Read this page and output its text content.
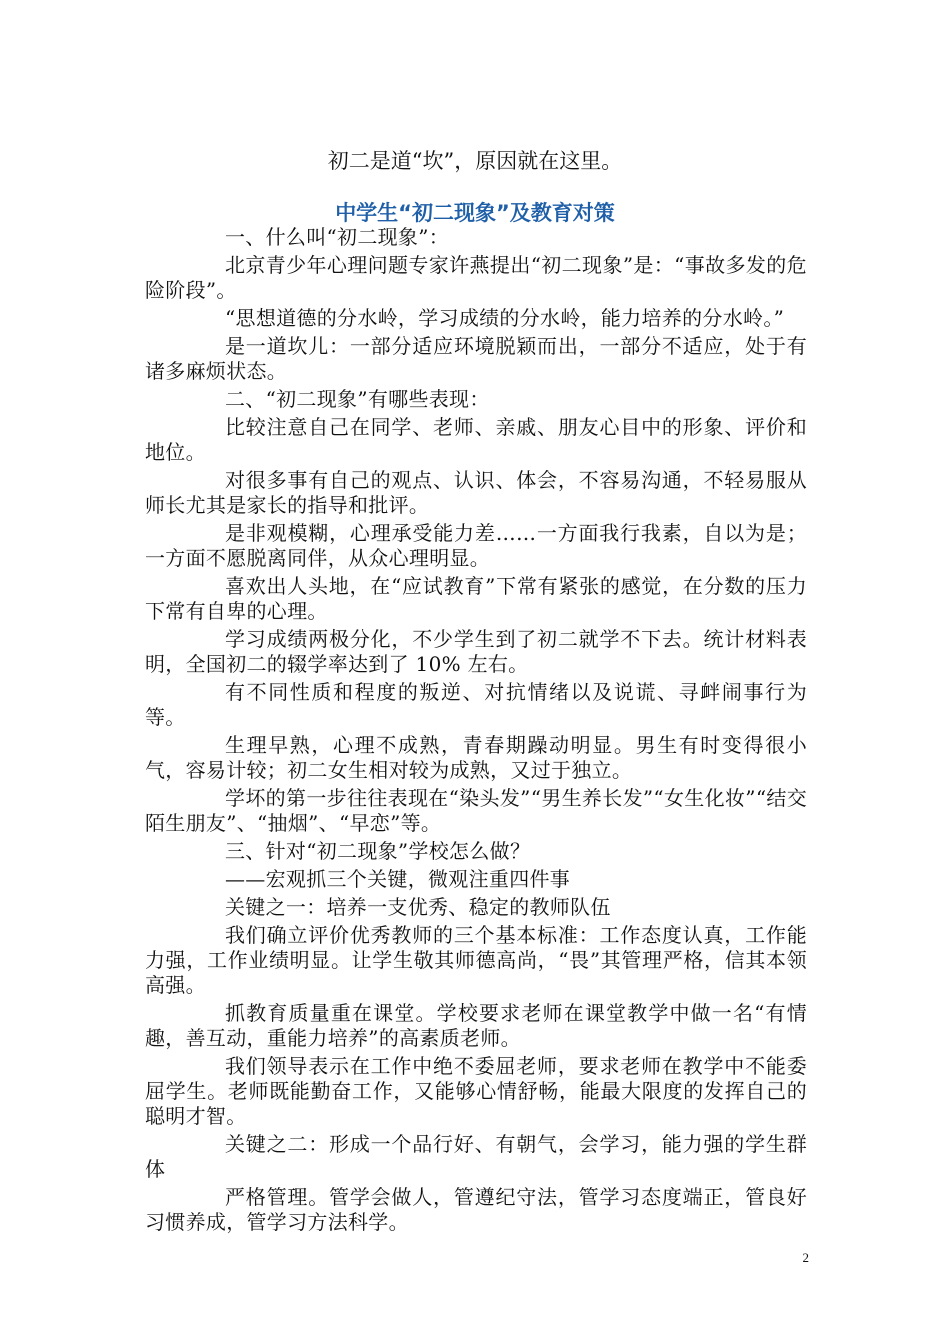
初二是道“坎”，原因就在这里。
中学生“初二现象”及教育对策

一、什么叫“初二现象”：

北京青少年心理问题专家许燕提出“初二现象”是：“事故多发的危险阶段”。

“思想道德的分水岭，学习成绩的分水岭，能力培养的分水岭。”

是一道坎儿：一部分适应环境脱颖而出，一部分不适应，处于有诸多麻烦状态。

二、“初二现象”有哪些表现：

比较注意自己在同学、老师、亲戚、朋友心目中的形象、评价和地位。

对很多事有自己的观点、认识、体会，不容易沟通，不轻易服从师长尤其是家长的指导和批评。

是非观模糊，心理承受能力差……一方面我行我素，自以为是；一方面不愿脱离同伴，从众心理明显。

喜欢出人头地，在“应试教育”下常有紧张的感觉，在分数的压力下常有自卑的心理。

学习成绩两极分化，不少学生到了初二就学不下去。统计材料表明，全国初二的辍学率达到了 10% 左右。

有不同性质和程度的叛逆、对抗情绪以及说谎、寻衅闹事行为等。

生理早熟，心理不成熟，青春期躁动明显。男生有时变得很小气，容易计较；初二女生相对较为成熟，又过于独立。

学坏的第一步往往表现在“染头发”“男生养长发”“女生化妆”“结交陌生朋友”、“抽烟”、“早恋”等。

三、针对“初二现象”学校怎么做？

——宏观抓三个关键，微观注重四件事

关键之一：培养一支优秀、稳定的教师队伍

我们确立评价优秀教师的三个基本标准：工作态度认真，工作能力强，工作业绩明显。让学生敬其师德高尚，“畏”其管理严格，信其本领高强。

抓教育质量重在课堂。学校要求老师在课堂教学中做一名“有情趣，善互动，重能力培养”的高素质老师。

我们领导表示在工作中绝不委屈老师，要求老师在教学中不能委屈学生。老师既能勤奋工作，又能够心情舒畅，能最大限度的发挥自己的聪明才智。

关键之二：形成一个品行好、有朝气，会学习，能力强的学生群体

严格管理。管学会做人，管遵纪守法，管学习态度端正，管良好习惯养成，管学习方法科学。

2
